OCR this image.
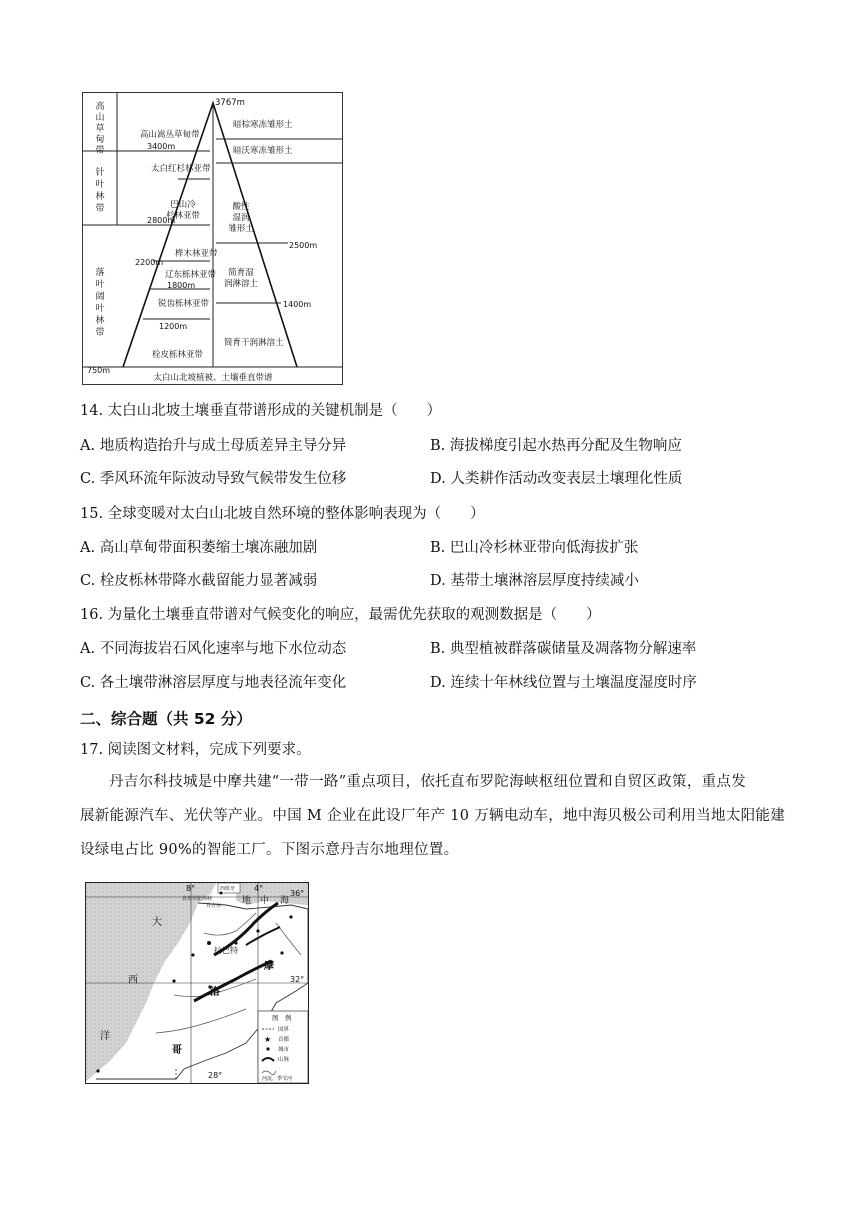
3767m
高
山
草
甸
带
针
叶
林
带
落
叶
阔
叶
林
带
高山嵩丛草甸带
3400m
太白红杉林亚带
巴山冷
杉林亚带
2800m
桦木林亚带
2200m
辽东栎林亚带
1800m
锐齿栎林亚带
1200m
栓皮栎林亚带
750m
暗棕寒冻雏形土
暗沃寒冻雏形土
酸性
湿润
雏形土
2500m
简育湿
润淋溶土
1400m
简育干润淋溶土
太白山北坡植被、土壤垂直带谱
14. 太白山北坡土壤垂直带谱形成的关键机制是（　　）
A. 地质构造抬升与成土母质差异主导分异	B. 海拔梯度引起水热再分配及生物响应
C. 季风环流年际波动导致气候带发生位移	D. 人类耕作活动改变表层土壤理化性质
15. 全球变暖对太白山北坡自然环境的整体影响表现为（　　）
A. 高山草甸带面积萎缩土壤冻融加剧	B. 巴山冷杉林亚带向低海拔扩张
C. 栓皮栎林带降水截留能力显著减弱	D. 基带土壤淋溶层厚度持续减小
16. 为量化土壤垂直带谱对气候变化的响应，最需优先获取的观测数据是（　　）
A. 不同海拔岩石风化速率与地下水位动态	B. 典型植被群落碳储量及凋落物分解速率
C. 各土壤带淋溶层厚度与地表径流年变化	D. 连续十年林线位置与土壤温度湿度时序
二、综合题（共 52 分）
17. 阅读图文材料，完成下列要求。
丹吉尔科技城是中摩共建“一带一路”重点项目，依托直布罗陀海峡枢纽位置和自贸区政策，重点发
展新能源汽车、光伏等产业。中国 M 企业在此设厂年产 10 万辆电动车，地中海贝极公司利用当地太阳能建
设绿电占比 90%的智能工厂。下图示意丹吉尔地理位置。
8°	4°
36°
32°
28°
西班牙
直布罗陀海峡
丹吉尔 地 中 海
大
西
洋
拉巴特
摩
洛
哥
图　例
国界
★ 首都
城市
山脉
河流、季节河
